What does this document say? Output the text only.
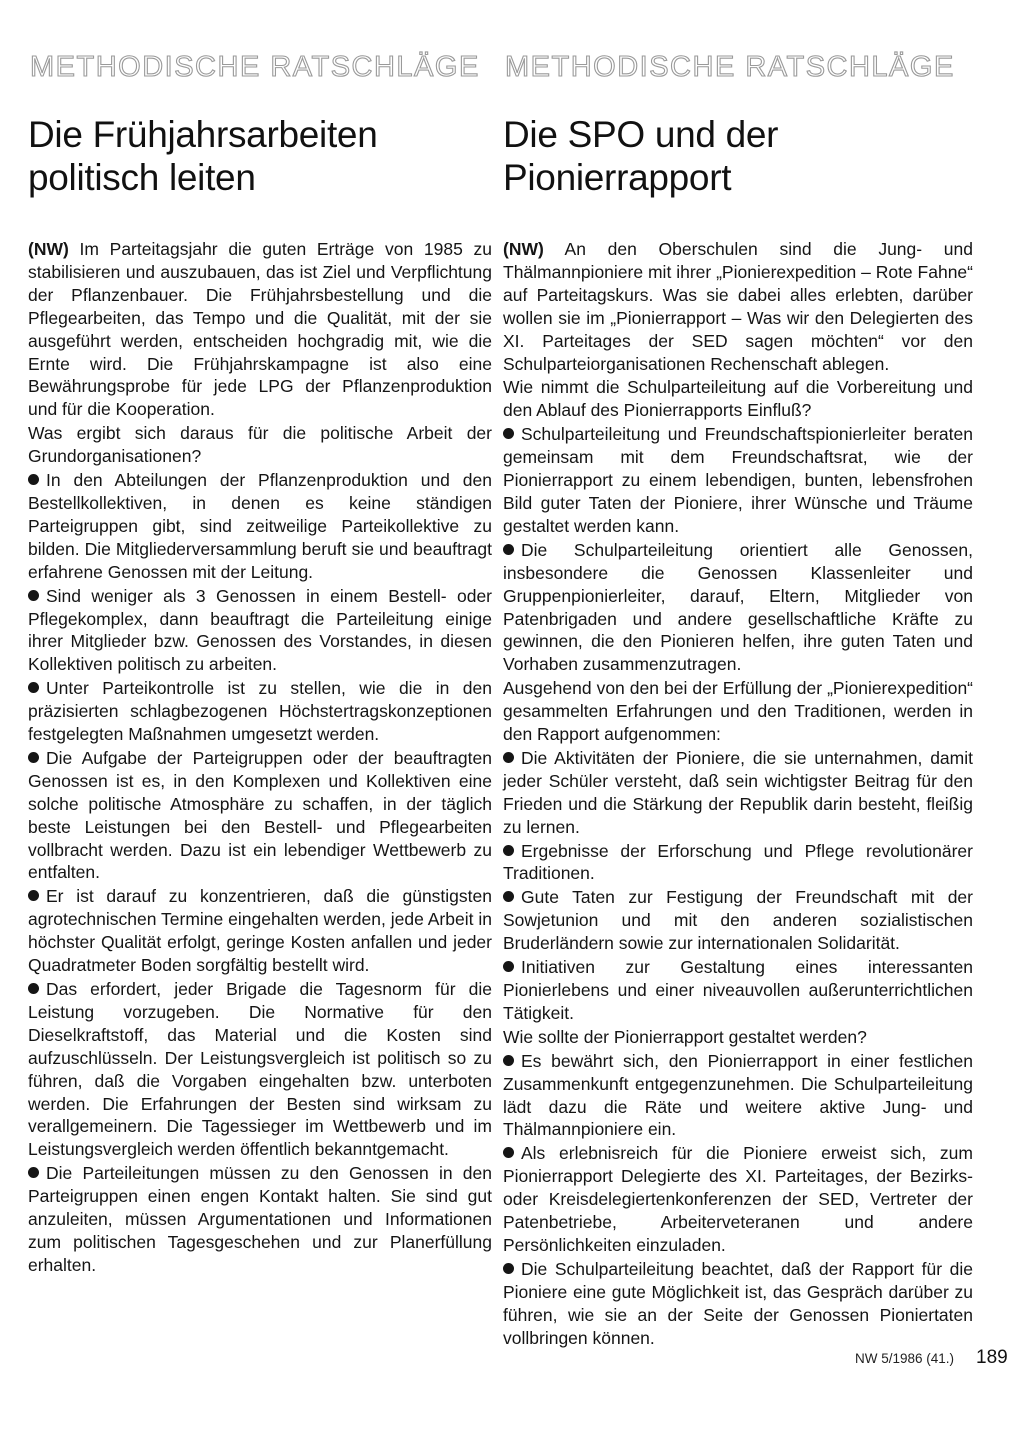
METHODISCHE RATSCHLÄGE
Die Frühjahrsarbeiten politisch leiten

(NW) Im Parteitagsjahr die guten Erträge von 1985 zu stabilisieren und auszubauen, das ist Ziel und Verpflichtung der Pflanzenbauer. Die Frühjahrsbestellung und die Pflegearbeiten, das Tempo und die Qualität, mit der sie ausgeführt werden, entscheiden hochgradig mit, wie die Ernte wird. Die Frühjahrskampagne ist also eine Bewährungsprobe für jede LPG der Pflanzenproduktion und für die Kooperation.

Was ergibt sich daraus für die politische Arbeit der Grundorganisationen?

In den Abteilungen der Pflanzenproduktion und den Bestellkollektiven, in denen es keine ständigen Parteigruppen gibt, sind zeitweilige Parteikollektive zu bilden. Die Mitgliederversammlung beruft sie und beauftragt erfahrene Genossen mit der Leitung.

Sind weniger als 3 Genossen in einem Bestell- oder Pflegekomplex, dann beauftragt die Parteileitung einige ihrer Mitglieder bzw. Genossen des Vorstandes, in diesen Kollektiven politisch zu arbeiten.

Unter Parteikontrolle ist zu stellen, wie die in den präzisierten schlagbezogenen Höchstertragskonzeptionen festgelegten Maßnahmen umgesetzt werden.

Die Aufgabe der Parteigruppen oder der beauftragten Genossen ist es, in den Komplexen und Kollektiven eine solche politische Atmosphäre zu schaffen, in der täglich beste Leistungen bei den Bestell- und Pflegearbeiten vollbracht werden. Dazu ist ein lebendiger Wettbewerb zu entfalten.

Er ist darauf zu konzentrieren, daß die günstigsten agrotechnischen Termine eingehalten werden, jede Arbeit in höchster Qualität erfolgt, geringe Kosten anfallen und jeder Quadratmeter Boden sorgfältig bestellt wird.

Das erfordert, jeder Brigade die Tagesnorm für die Leistung vorzugeben. Die Normative für den Dieselkraftstoff, das Material und die Kosten sind aufzuschlüsseln. Der Leistungsvergleich ist politisch so zu führen, daß die Vorgaben eingehalten bzw. unterboten werden. Die Erfahrungen der Besten sind wirksam zu verallgemeinern. Die Tagessieger im Wettbewerb und im Leistungsvergleich werden öffentlich bekanntgemacht.

Die Parteileitungen müssen zu den Genossen in den Parteigruppen einen engen Kontakt halten. Sie sind gut anzuleiten, müssen Argumentationen und Informationen zum politischen Tagesgeschehen und zur Planerfüllung erhalten.

METHODISCHE RATSCHLÄGE
Die SPO und der Pionierrapport

(NW) An den Oberschulen sind die Jung- und Thälmannpioniere mit ihrer „Pionierexpedition – Rote Fahne“ auf Parteitagskurs. Was sie dabei alles erlebten, darüber wollen sie im „Pionierrapport – Was wir den Delegierten des XI. Parteitages der SED sagen möchten“ vor den Schulparteiorganisationen Rechenschaft ablegen.

Wie nimmt die Schulparteileitung auf die Vorbereitung und den Ablauf des Pionierrapports Einfluß?

Schulparteileitung und Freundschaftspionierleiter beraten gemeinsam mit dem Freundschaftsrat, wie der Pionierrapport zu einem lebendigen, bunten, lebensfrohen Bild guter Taten der Pioniere, ihrer Wünsche und Träume gestaltet werden kann.

Die Schulparteileitung orientiert alle Genossen, insbesondere die Genossen Klassenleiter und Gruppenpionierleiter, darauf, Eltern, Mitglieder von Patenbrigaden und andere gesellschaftliche Kräfte zu gewinnen, die den Pionieren helfen, ihre guten Taten und Vorhaben zusammenzutragen.

Ausgehend von den bei der Erfüllung der „Pionierexpedition“ gesammelten Erfahrungen und den Traditionen, werden in den Rapport aufgenommen:

Die Aktivitäten der Pioniere, die sie unternahmen, damit jeder Schüler versteht, daß sein wichtigster Beitrag für den Frieden und die Stärkung der Republik darin besteht, fleißig zu lernen.

Ergebnisse der Erforschung und Pflege revolutionärer Traditionen.

Gute Taten zur Festigung der Freundschaft mit der Sowjetunion und mit den anderen sozialistischen Bruderländern sowie zur internationalen Solidarität.

Initiativen zur Gestaltung eines interessanten Pionierlebens und einer niveauvollen außerunterrichtlichen Tätigkeit.

Wie sollte der Pionierrapport gestaltet werden?

Es bewährt sich, den Pionierrapport in einer festlichen Zusammenkunft entgegenzunehmen. Die Schulparteileitung lädt dazu die Räte und weitere aktive Jung- und Thälmannpioniere ein.

Als erlebnisreich für die Pioniere erweist sich, zum Pionierrapport Delegierte des XI. Parteitages, der Bezirks- oder Kreisdelegiertenkonferenzen der SED, Vertreter der Patenbetriebe, Arbeiterveteranen und andere Persönlichkeiten einzuladen.

Die Schulparteileitung beachtet, daß der Rapport für die Pioniere eine gute Möglichkeit ist, das Gespräch darüber zu führen, wie sie an der Seite der Genossen Pioniertaten vollbringen können.

NW 5/1986 (41.) 189
